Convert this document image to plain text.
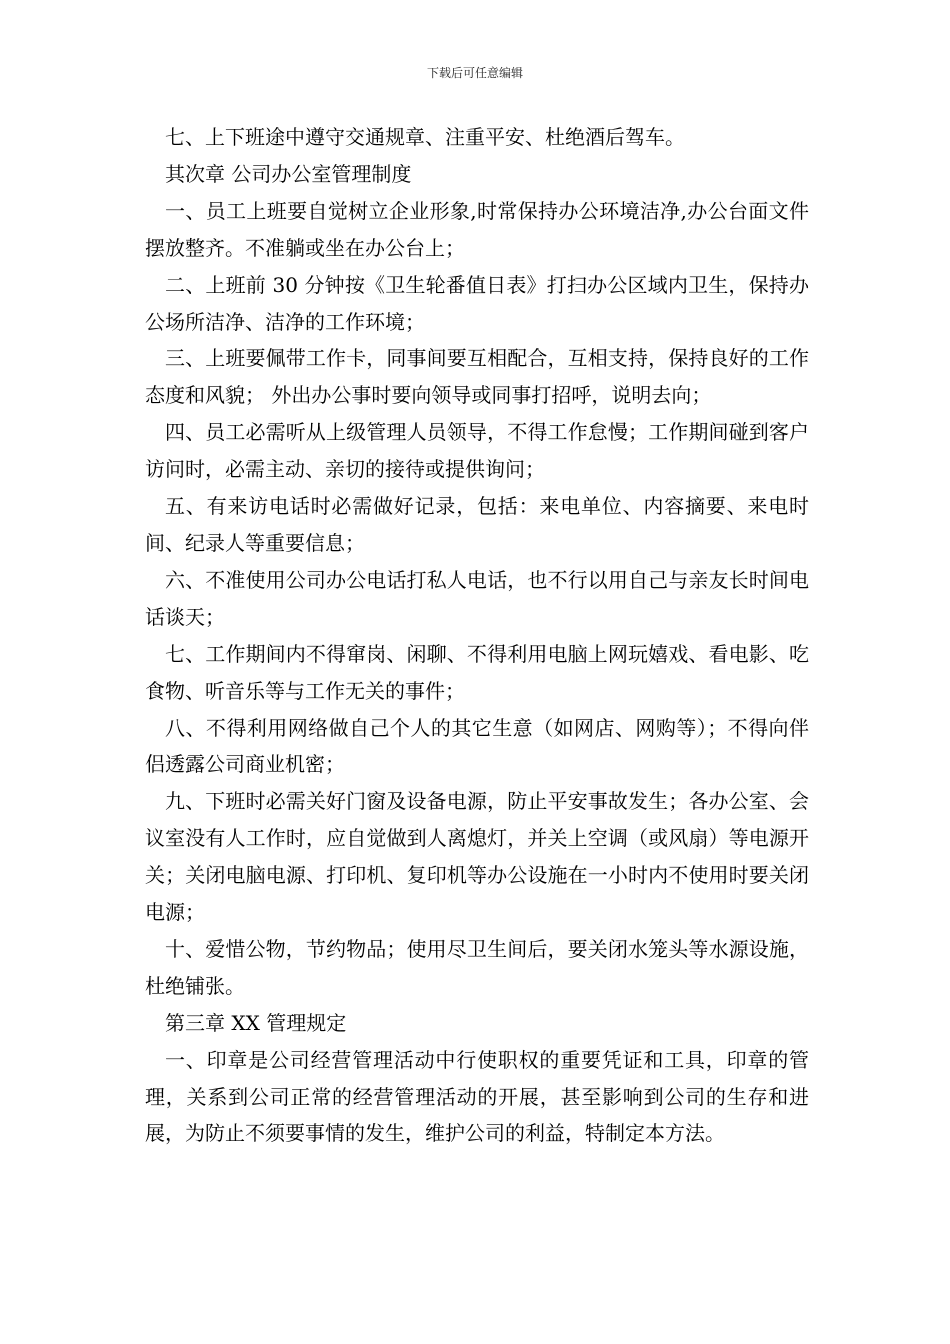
下载后可任意编辑

七、上下班途中遵守交通规章、注重平安、杜绝酒后驾车。

其次章 公司办公室管理制度

一、员工上班要自觉树立企业形象,时常保持办公环境洁净,办公台面文件摆放整齐。不准躺或坐在办公台上；

二、上班前 30 分钟按《卫生轮番值日表》打扫办公区域内卫生，保持办公场所洁净、洁净的工作环境；

三、上班要佩带工作卡，同事间要互相配合，互相支持，保持良好的工作态度和风貌； 外出办公事时要向领导或同事打招呼，说明去向；

四、员工必需听从上级管理人员领导，不得工作怠慢；工作期间碰到客户访问时，必需主动、亲切的接待或提供询问；

五、有来访电话时必需做好记录，包括：来电单位、内容摘要、来电时间、纪录人等重要信息；

六、不准使用公司办公电话打私人电话，也不行以用自己与亲友长时间电话谈天；

七、工作期间内不得窜岗、闲聊、不得利用电脑上网玩嬉戏、看电影、吃食物、听音乐等与工作无关的事件；

八、不得利用网络做自己个人的其它生意（如网店、网购等）；不得向伴侣透露公司商业机密；

九、下班时必需关好门窗及设备电源，防止平安事故发生；各办公室、会议室没有人工作时，应自觉做到人离熄灯，并关上空调（或风扇）等电源开关；关闭电脑电源、打印机、复印机等办公设施在一小时内不使用时要关闭电源；

十、爱惜公物，节约物品；使用尽卫生间后，要关闭水笼头等水源设施，杜绝铺张。

第三章 XX 管理规定

一、印章是公司经营管理活动中行使职权的重要凭证和工具，印章的管理，关系到公司正常的经营管理活动的开展，甚至影响到公司的生存和进展，为防止不须要事情的发生，维护公司的利益，特制定本方法。
